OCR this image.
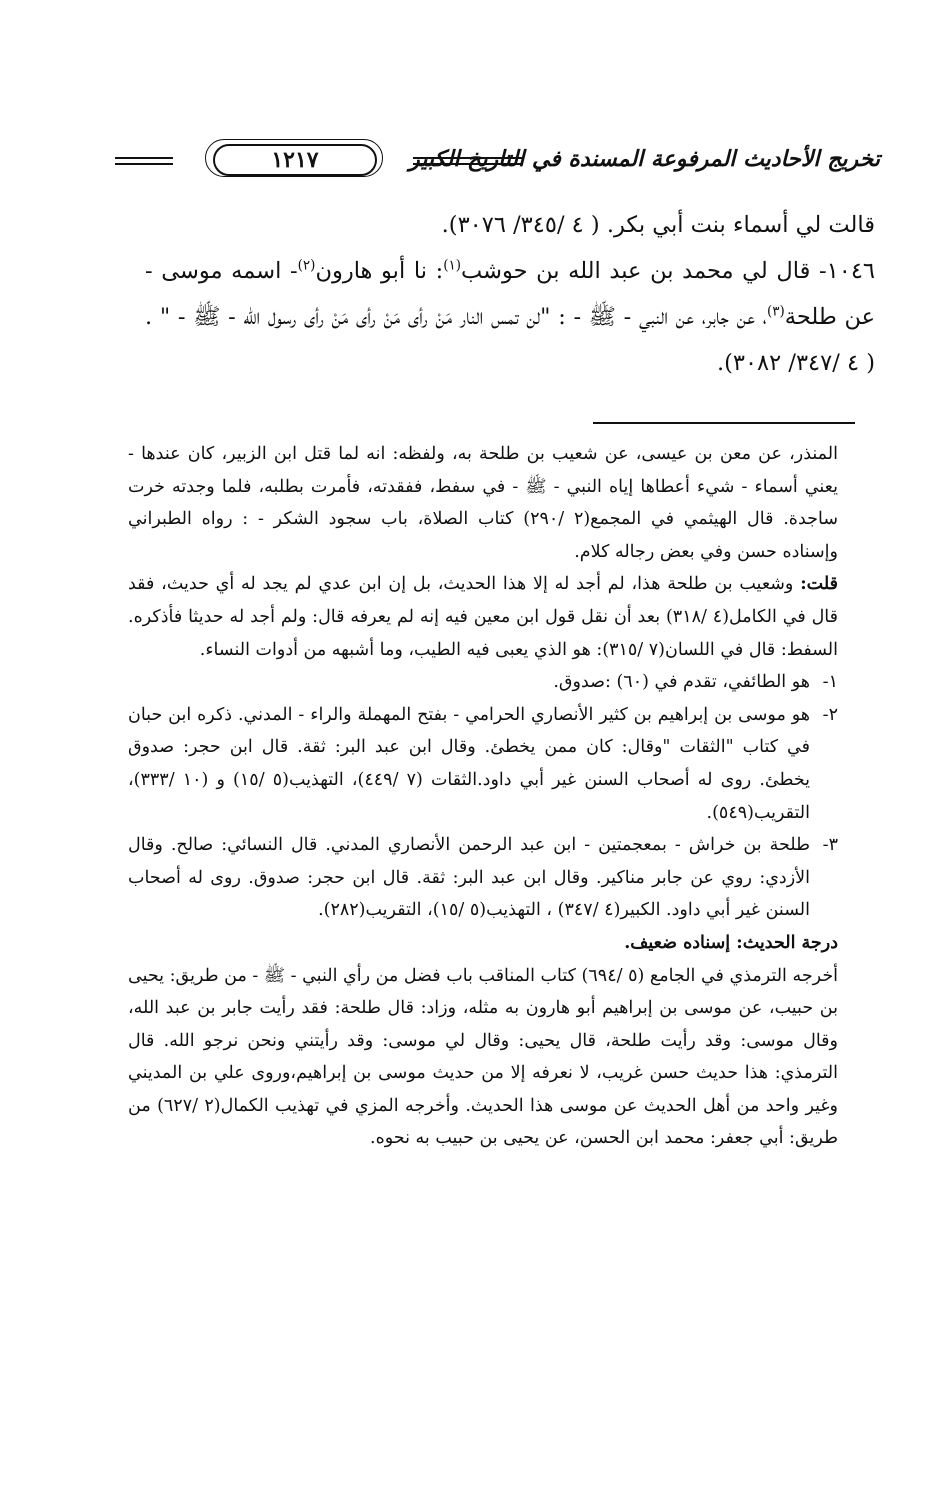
تخريج الأحاديث المرفوعة المسندة في التاريخ الكبير
١٢١٧

قالت لي أسماء بنت أبي بكر. ( ٤ /٣٤٥/ ٣٠٧٦).

١٠٤٦- قال لي محمد بن عبد الله بن حوشب$^{(١)}$: نا أبو هارون$^{(٢)}$- اسمه موسى - عن طلحة$^{(٣)}$، عن جابر، عن النبي - ﷺ - : "لن تمس النار مَنْ رأى مَنْ رأى مَنْ رأى رسول الله - ﷺ - " . ( ٤ /٣٤٧/ ٣٠٨٢).

المنذر، عن معن بن عيسى، عن شعيب بن طلحة به، ولفظه: انه لما قتل ابن الزبير، كان عندها - يعني أسماء - شيء أعطاها إياه النبي - ﷺ - في سفط، ففقدته، فأمرت بطلبه، فلما وجدته خرت ساجدة. قال الهيثمي في المجمع(٢ /٢٩٠) كتاب الصلاة، باب سجود الشكر - : رواه الطبراني وإسناده حسن وفي بعض رجاله كلام.

قلت: وشعيب بن طلحة هذا، لم أجد له إلا هذا الحديث، بل إن ابن عدي لم يجد له أي حديث، فقد قال في الكامل(٤ /٣١٨) بعد أن نقل قول ابن معين فيه إنه لم يعرفه قال: ولم أجد له حديثا فأذكره. السفط: قال في اللسان(٧ /٣١٥): هو الذي يعبى فيه الطيب، وما أشبهه من أدوات النساء.

١-
هو الطائفي، تقدم في (٦٠) :صدوق.

٢-
هو موسى بن إبراهيم بن كثير الأنصاري الحرامي - بفتح المهملة والراء - المدني. ذكره ابن حبان في كتاب "الثقات "وقال: كان ممن يخطئ. وقال ابن عبد البر: ثقة. قال ابن حجر: صدوق يخطئ. روى له أصحاب السنن غير أبي داود.الثقات (٧ /٤٤٩)، التهذيب(٥ /١٥) و (١٠ /٣٣٣)، التقريب(٥٤٩).

٣-
طلحة بن خراش - بمعجمتين - ابن عبد الرحمن الأنصاري المدني. قال النسائي: صالح. وقال الأزدي: روي عن جابر مناكير. وقال ابن عبد البر: ثقة. قال ابن حجر: صدوق. روى له أصحاب السنن غير أبي داود. الكبير(٤ /٣٤٧) ، التهذيب(٥ /١٥)، التقريب(٢٨٢).

درجة الحديث: إسناده ضعيف.

أخرجه الترمذي في الجامع (٥ /٦٩٤) كتاب المناقب باب فضل من رأي النبي - ﷺ - من طريق: يحيى بن حبيب، عن موسى بن إبراهيم أبو هارون به مثله، وزاد: قال طلحة: فقد رأيت جابر بن عبد الله، وقال موسى: وقد رأيت طلحة، قال يحيى: وقال لي موسى: وقد رأيتني ونحن نرجو الله. قال الترمذي: هذا حديث حسن غريب، لا نعرفه إلا من حديث موسى بن إبراهيم،وروى علي بن المديني وغير واحد من أهل الحديث عن موسى هذا الحديث. وأخرجه المزي في تهذيب الكمال(٢ /٦٢٧) من طريق: أبي جعفر: محمد ابن الحسن، عن يحيى بن حبيب به نحوه.
